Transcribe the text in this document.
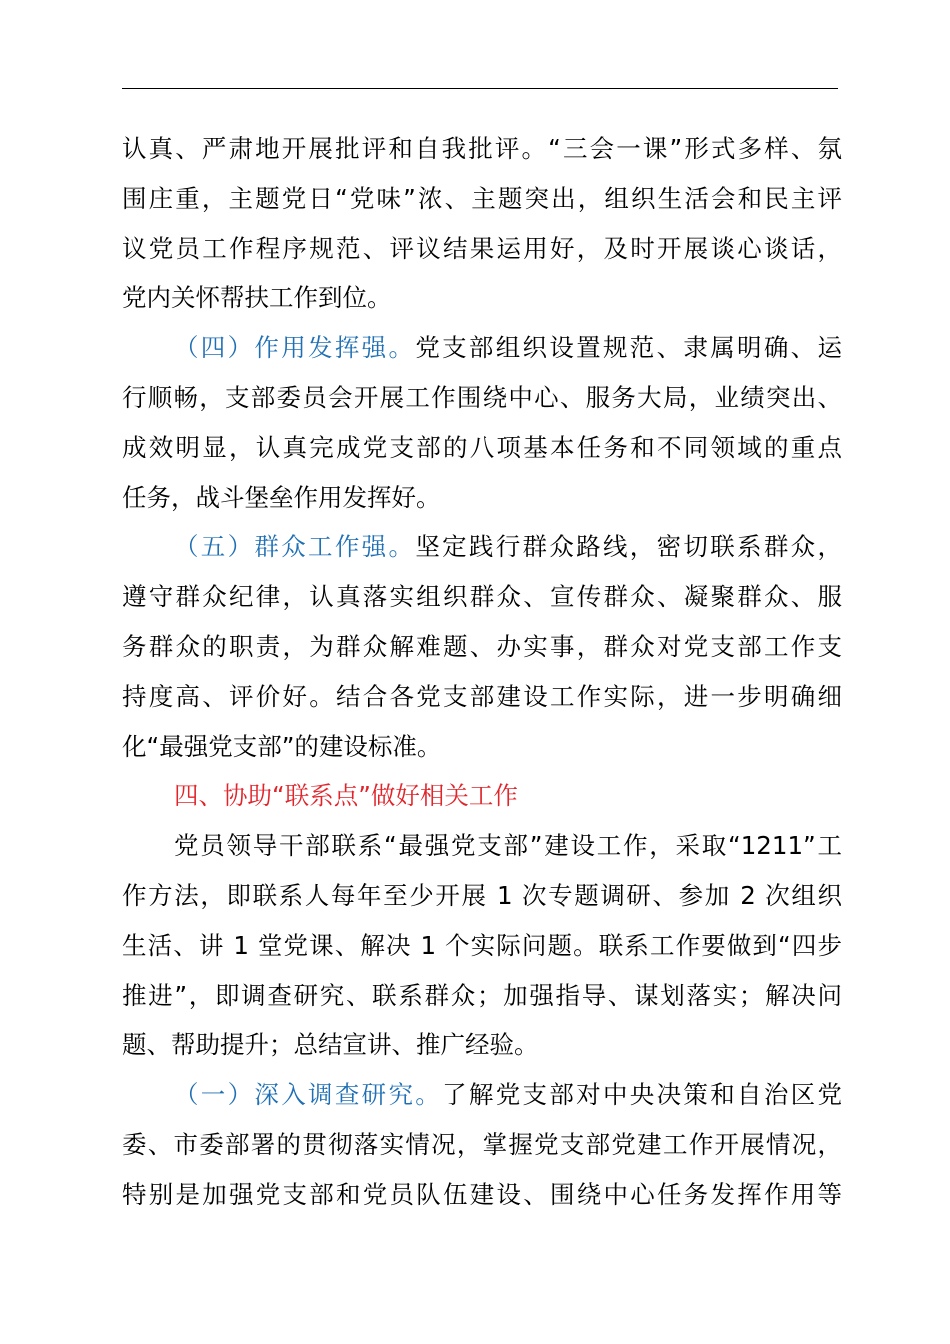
认真、严肃地开展批评和自我批评。“三会一课”形式多样、氛
围庄重，主题党日“党味”浓、主题突出，组织生活会和民主评
议党员工作程序规范、评议结果运用好，及时开展谈心谈话，
党内关怀帮扶工作到位。
（四）作用发挥强。党支部组织设置规范、隶属明确、运
行顺畅，支部委员会开展工作围绕中心、服务大局，业绩突出、
成效明显，认真完成党支部的八项基本任务和不同领域的重点
任务，战斗堡垒作用发挥好。
（五）群众工作强。坚定践行群众路线，密切联系群众，
遵守群众纪律，认真落实组织群众、宣传群众、凝聚群众、服
务群众的职责，为群众解难题、办实事，群众对党支部工作支
持度高、评价好。结合各党支部建设工作实际，进一步明确细
化“最强党支部”的建设标准。
四、协助“联系点”做好相关工作
党员领导干部联系“最强党支部”建设工作，采取“1211”工
作方法，即联系人每年至少开展 1 次专题调研、参加 2 次组织
生活、讲 1 堂党课、解决 1 个实际问题。联系工作要做到“四步
推进”，即调查研究、联系群众；加强指导、谋划落实；解决问
题、帮助提升；总结宣讲、推广经验。
（一）深入调查研究。了解党支部对中央决策和自治区党
委、市委部署的贯彻落实情况，掌握党支部党建工作开展情况，
特别是加强党支部和党员队伍建设、围绕中心任务发挥作用等
